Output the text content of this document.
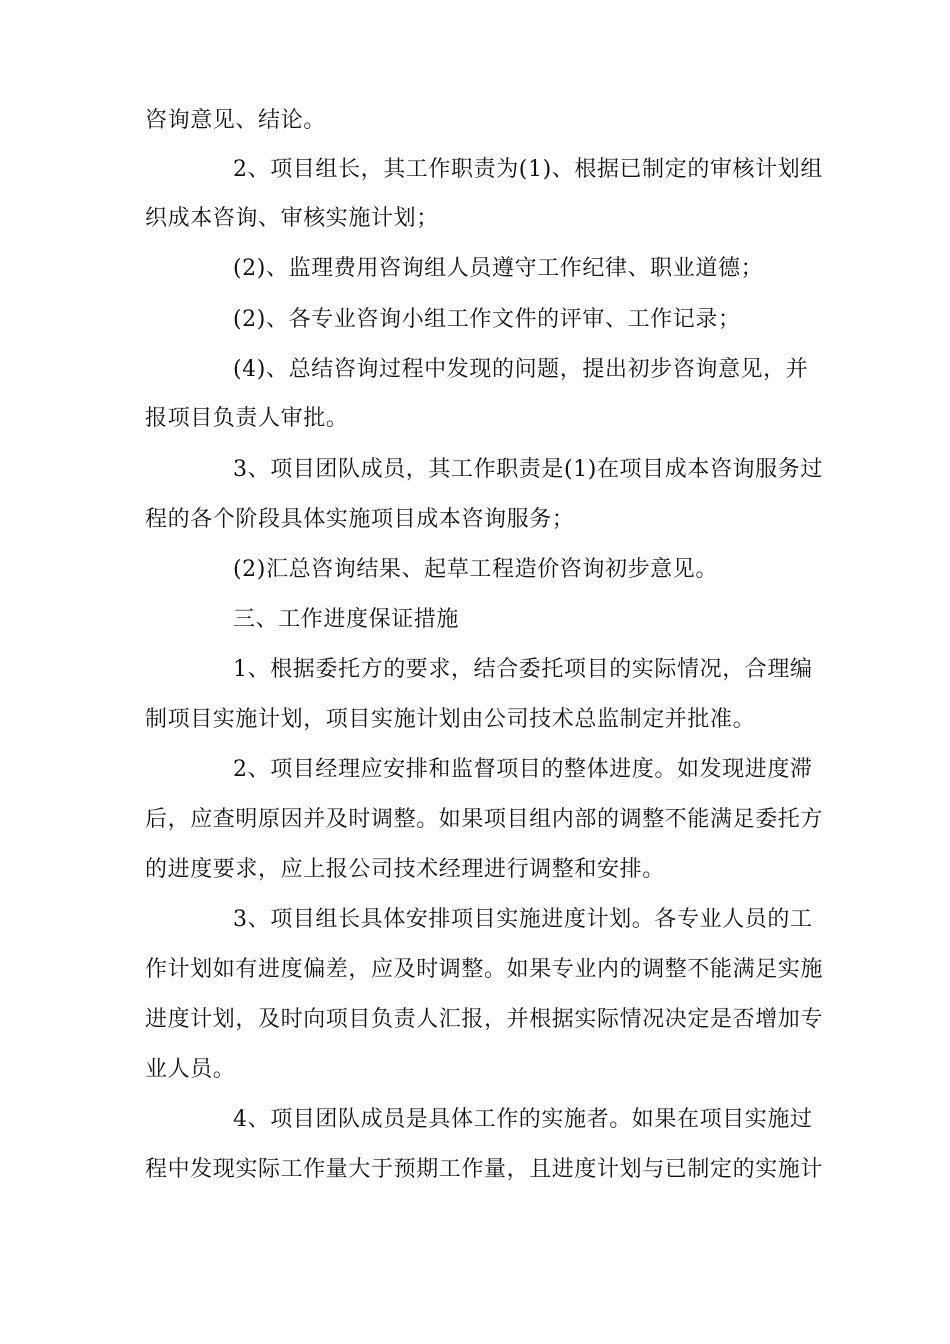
咨询意见、结论。
2、项目组长，其工作职责为(1)、根据已制定的审核计划组
织成本咨询、审核实施计划；
(2)、监理费用咨询组人员遵守工作纪律、职业道德；
(2)、各专业咨询小组工作文件的评审、工作记录；
(4)、总结咨询过程中发现的问题，提出初步咨询意见，并
报项目负责人审批。
3、项目团队成员，其工作职责是(1)在项目成本咨询服务过
程的各个阶段具体实施项目成本咨询服务；
(2)汇总咨询结果、起草工程造价咨询初步意见。
三、工作进度保证措施
1、根据委托方的要求，结合委托项目的实际情况，合理编
制项目实施计划，项目实施计划由公司技术总监制定并批准。
2、项目经理应安排和监督项目的整体进度。如发现进度滞
后，应查明原因并及时调整。如果项目组内部的调整不能满足委托方
的进度要求，应上报公司技术经理进行调整和安排。
3、项目组长具体安排项目实施进度计划。各专业人员的工
作计划如有进度偏差，应及时调整。如果专业内的调整不能满足实施
进度计划，及时向项目负责人汇报，并根据实际情况决定是否增加专
业人员。
4、项目团队成员是具体工作的实施者。如果在项目实施过
程中发现实际工作量大于预期工作量，且进度计划与已制定的实施计
